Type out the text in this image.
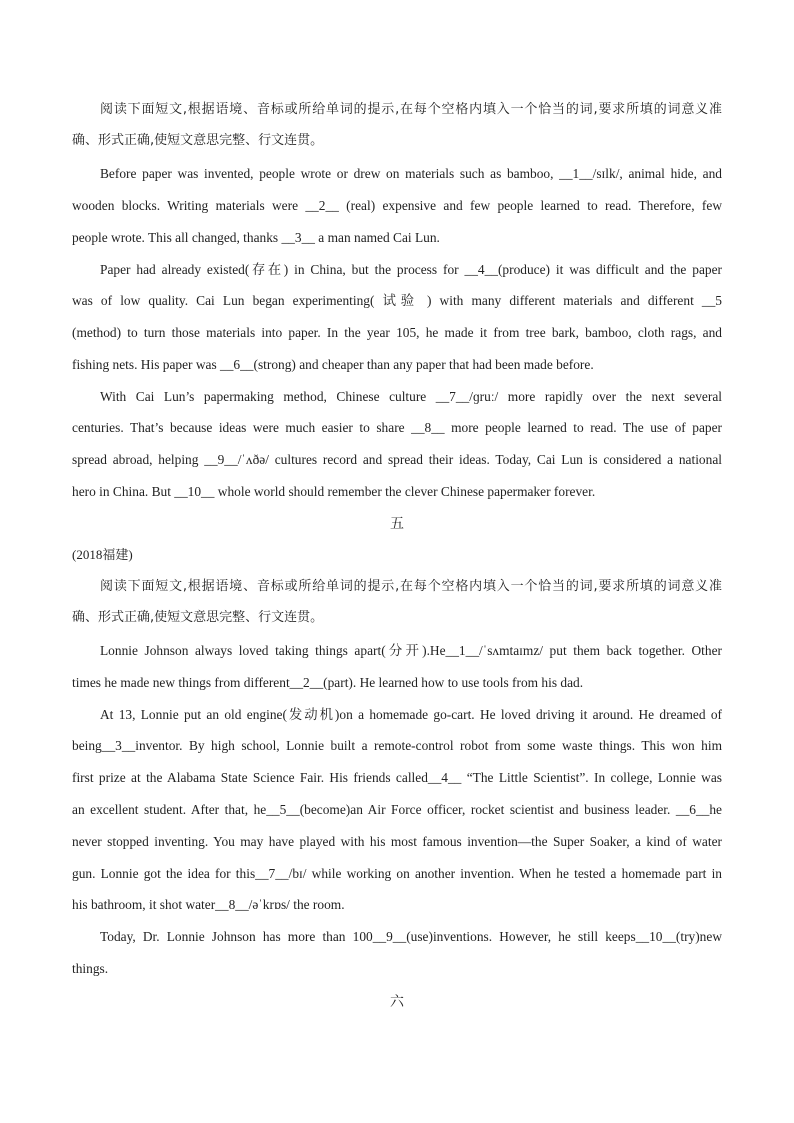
阅读下面短文,根据语境、音标或所给单词的提示,在每个空格内填入一个恰当的词,要求所填的词意义准
确、形式正确,使短文意思完整、行文连贯。
Before paper was invented, people wrote or drew on materials such as bamboo, __1__/sɪlk/, animal hide, and
wooden blocks. Writing materials were __2__ (real) expensive and few people learned to read. Therefore, few
people wrote. This all changed, thanks __3__ a man named Cai Lun.
Paper had already existed(存在) in China, but the process for __4__(produce) it was difficult and the paper
was of low quality. Cai Lun began experimenting( 试验 ) with many different materials and different __5
(method) to turn those materials into paper. In the year 105, he made it from tree bark, bamboo, cloth rags, and
fishing nets. His paper was __6__(strong) and cheaper than any paper that had been made before.
With Cai Lun’s papermaking method, Chinese culture __7__/ɡruː/ more rapidly over the next several
centuries. That’s because ideas were much easier to share __8__ more people learned to read. The use of paper
spread abroad, helping __9__/ˈʌðə/ cultures record and spread their ideas. Today, Cai Lun is considered a national
hero in China. But __10__ whole world should remember the clever Chinese papermaker forever.
五
(2018福建)
阅读下面短文,根据语境、音标或所给单词的提示,在每个空格内填入一个恰当的词,要求所填的词意义准
确、形式正确,使短文意思完整、行文连贯。
Lonnie Johnson always loved taking things apart(分开).He__1__/ˈsʌmtaɪmz/ put them back together. Other
times he made new things from different__2__(part). He learned how to use tools from his dad.
At 13, Lonnie put an old engine(发动机)on a homemade go-cart. He loved driving it around. He dreamed of
being__3__inventor. By high school, Lonnie built a remote-control robot from some waste things. This won him
first prize at the Alabama State Science Fair. His friends called__4__ “The Little Scientist”. In college, Lonnie was
an excellent student. After that, he__5__(become)an Air Force officer, rocket scientist and business leader. __6__he
never stopped inventing. You may have played with his most famous invention—the Super Soaker, a kind of water
gun. Lonnie got the idea for this__7__/bɪ/ while working on another invention. When he tested a homemade part in
his bathroom, it shot water__8__/əˈkrɒs/ the room.
Today, Dr. Lonnie Johnson has more than 100__9__(use)inventions. However, he still keeps__10__(try)new
things.
六
